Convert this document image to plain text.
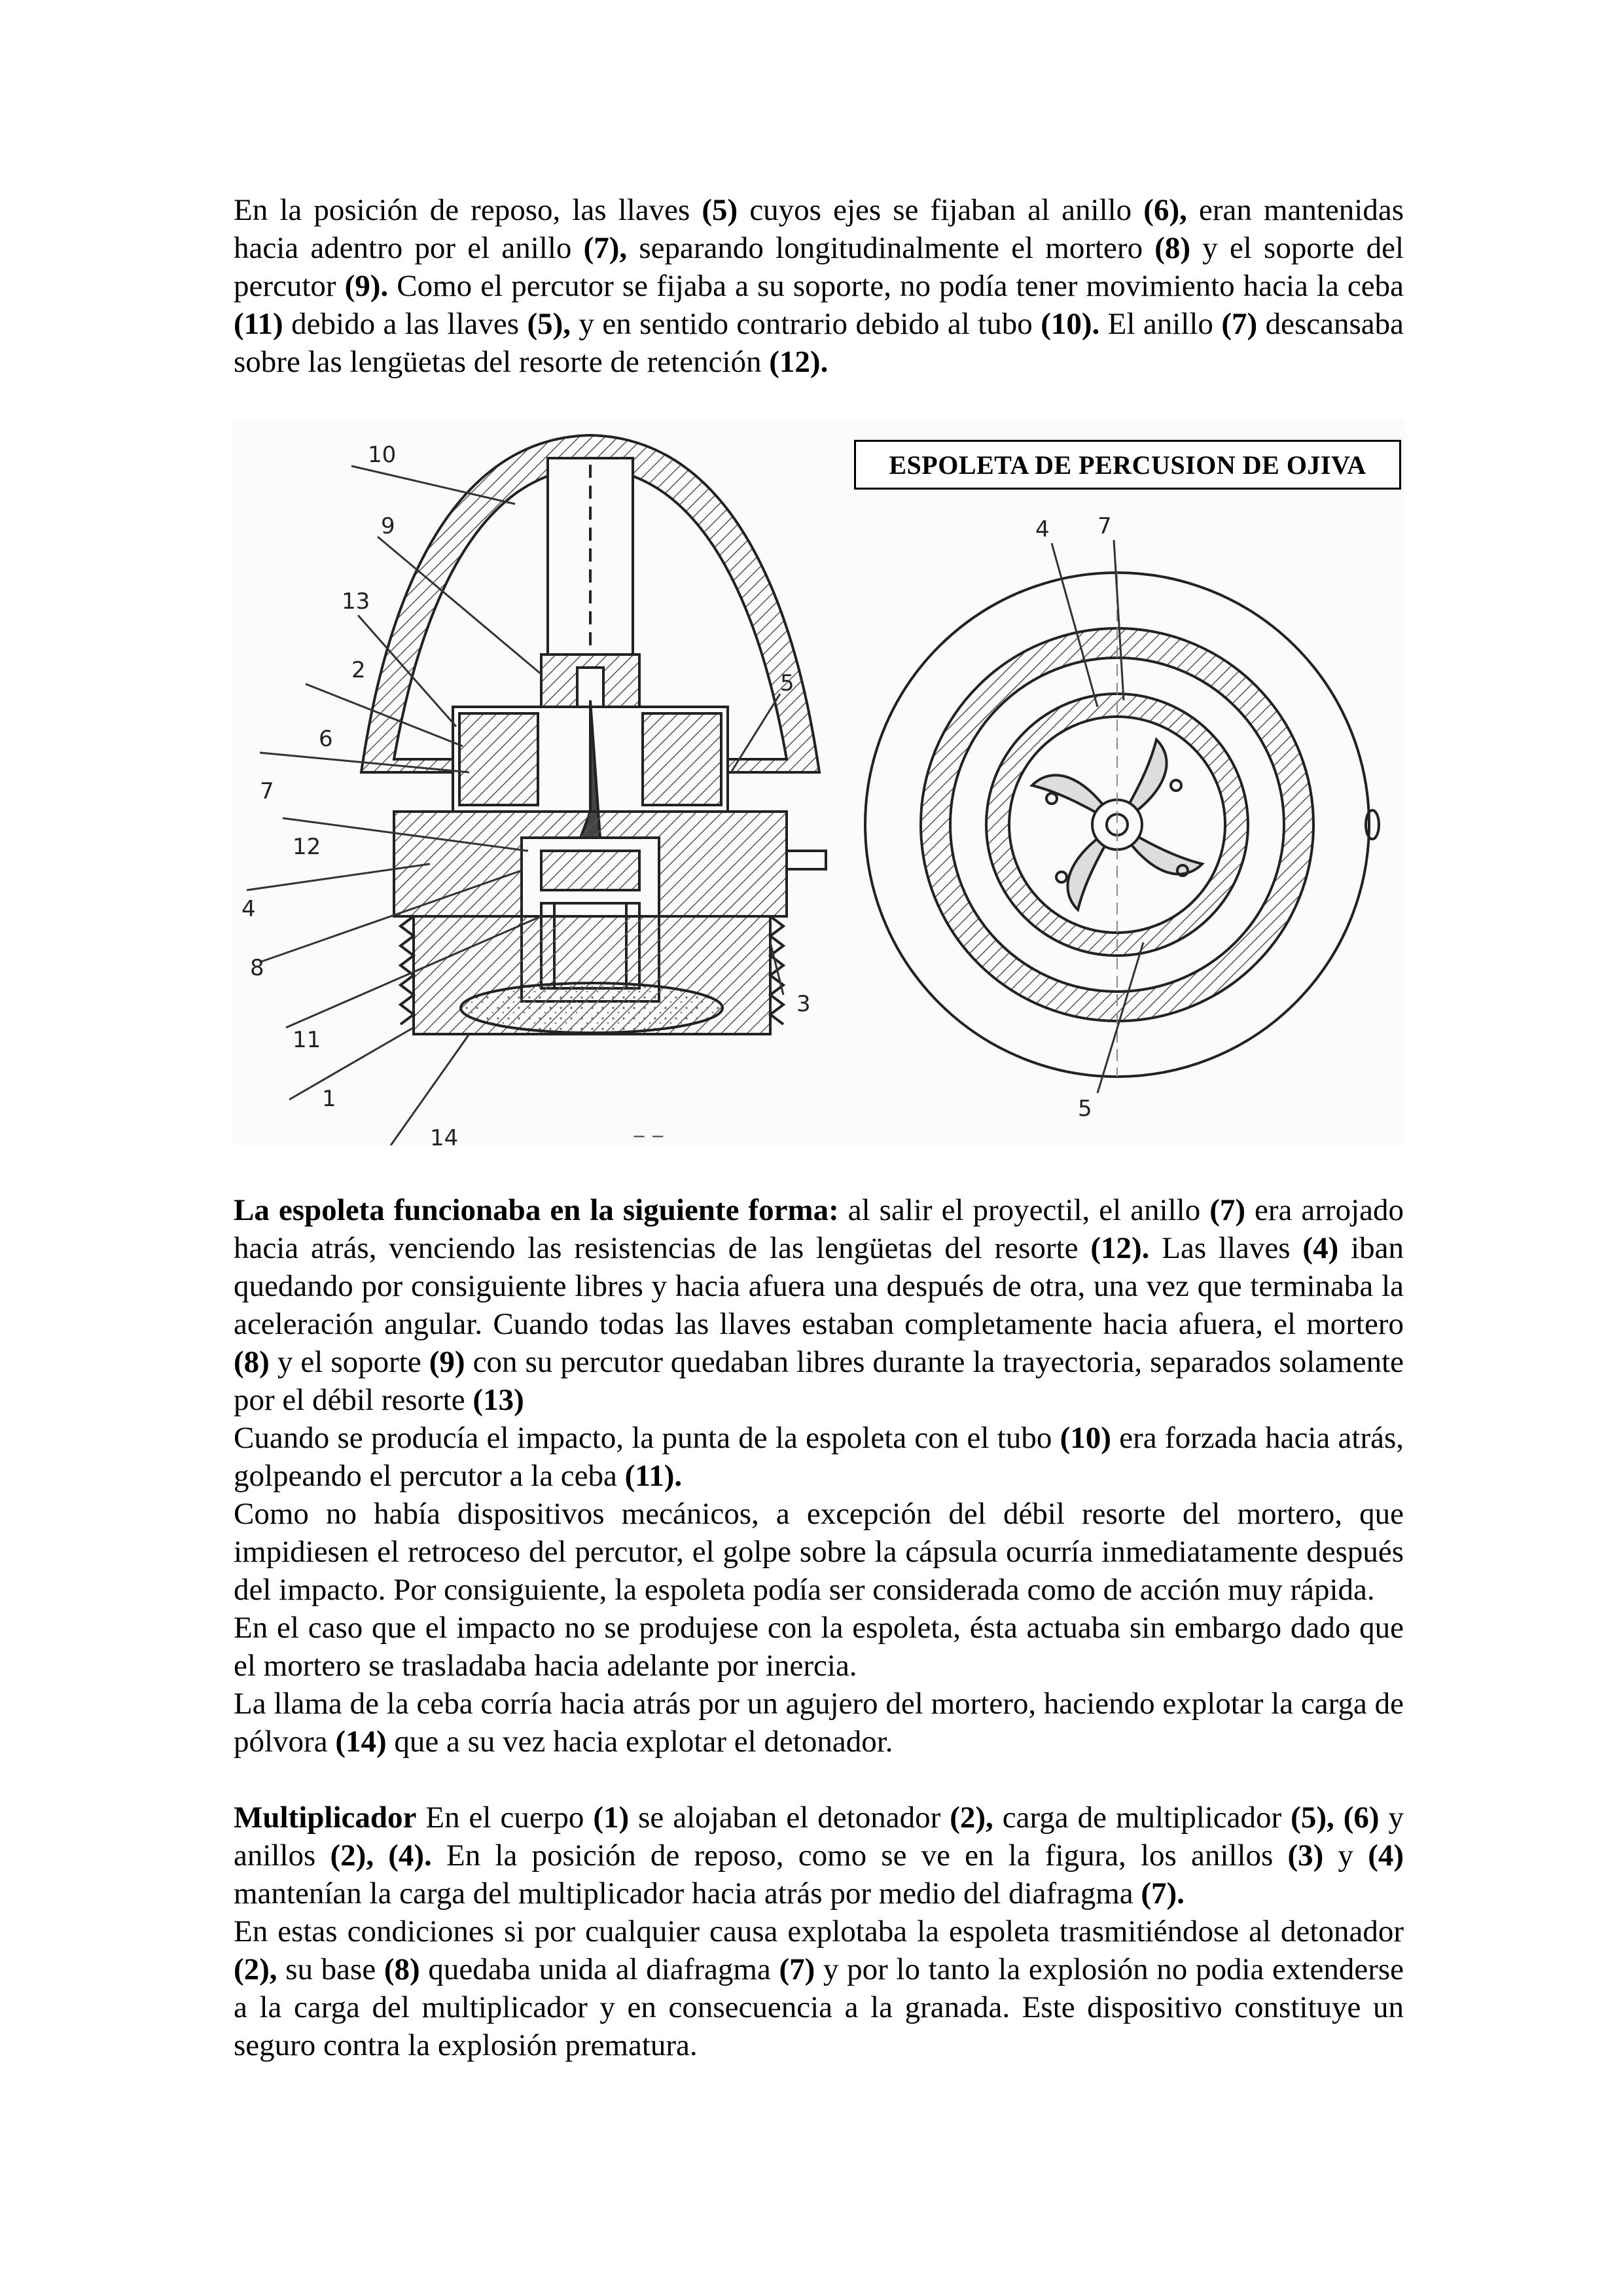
En la posición de reposo, las llaves (5) cuyos ejes se fijaban al anillo (6), eran mantenidas hacia adentro por el anillo (7), separando longitudinalmente el mortero (8) y el soporte del percutor (9). Como el percutor se fijaba a su soporte, no podía tener movimiento hacia la ceba (11) debido a las llaves (5), y en sentido contrario debido al tubo (10). El anillo (7) descansaba sobre las lengüetas del resorte de retención (12).

10
9
13
2
6
7
12
4
8
11
1
14
5
3
4 7
5
‒ ‒
ESPOLETA DE PERCUSION DE OJIVA

La espoleta funcionaba en la siguiente forma: al salir el proyectil, el anillo (7) era arrojado hacia atrás, venciendo las resistencias de las lengüetas del resorte (12). Las llaves (4) iban quedando por consiguiente libres y hacia afuera una después de otra, una vez que terminaba la aceleración angular. Cuando todas las llaves estaban completamente hacia afuera, el mortero (8) y el soporte (9) con su percutor quedaban libres durante la trayectoria, separados solamente por el débil resorte (13)

Cuando se producía el impacto, la punta de la espoleta con el tubo (10) era forzada hacia atrás, golpeando el percutor a la ceba (11).

Como no había dispositivos mecánicos, a excepción del débil resorte del mortero, que impidiesen el retroceso del percutor, el golpe sobre la cápsula ocurría inmediatamente después del impacto. Por consiguiente, la espoleta podía ser considerada como de acción muy rápida.

En el caso que el impacto no se produjese con la espoleta, ésta actuaba sin embargo dado que el mortero se trasladaba hacia adelante por inercia.

La llama de la ceba corría hacia atrás por un agujero del mortero, haciendo explotar la carga de pólvora (14) que a su vez hacia explotar el detonador.

Multiplicador En el cuerpo (1) se alojaban el detonador (2), carga de multiplicador (5), (6) y anillos (2), (4). En la posición de reposo, como se ve en la figura, los anillos (3) y (4) mantenían la carga del multiplicador hacia atrás por medio del diafragma (7).

En estas condiciones si por cualquier causa explotaba la espoleta trasmitiéndose al detonador (2), su base (8) quedaba unida al diafragma (7) y por lo tanto la explosión no podia extenderse a la carga del multiplicador y en consecuencia a la granada. Este dispositivo constituye un seguro contra la explosión prematura.
